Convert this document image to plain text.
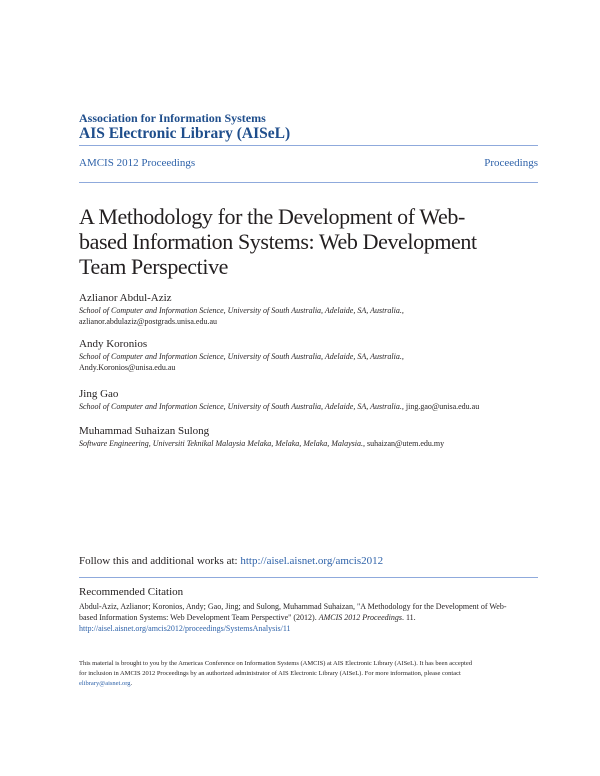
Association for Information Systems
AIS Electronic Library (AISeL)
AMCIS 2012 Proceedings	Proceedings
A Methodology for the Development of Web-
based Information Systems: Web Development
Team Perspective
Azlianor Abdul-Aziz
School of Computer and Information Science, University of South Australia, Adelaide, SA, Australia.,
azlianor.abdulaziz@postgrads.unisa.edu.au
Andy Koronios
School of Computer and Information Science, University of South Australia, Adelaide, SA, Australia.,
Andy.Koronios@unisa.edu.au
Jing Gao
School of Computer and Information Science, University of South Australia, Adelaide, SA, Australia., jing.gao@unisa.edu.au
Muhammad Suhaizan Sulong
Software Engineering, Universiti Teknikal Malaysia Melaka, Melaka, Melaka, Malaysia., suhaizan@utem.edu.my
Follow this and additional works at: http://aisel.aisnet.org/amcis2012
Recommended Citation
Abdul-Aziz, Azlianor; Koronios, Andy; Gao, Jing; and Sulong, Muhammad Suhaizan, "A Methodology for the Development of Web-
based Information Systems: Web Development Team Perspective" (2012). AMCIS 2012 Proceedings. 11.
http://aisel.aisnet.org/amcis2012/proceedings/SystemsAnalysis/11
This material is brought to you by the Americas Conference on Information Systems (AMCIS) at AIS Electronic Library (AISeL). It has been accepted
for inclusion in AMCIS 2012 Proceedings by an authorized administrator of AIS Electronic Library (AISeL). For more information, please contact
elibrary@aisnet.org.
